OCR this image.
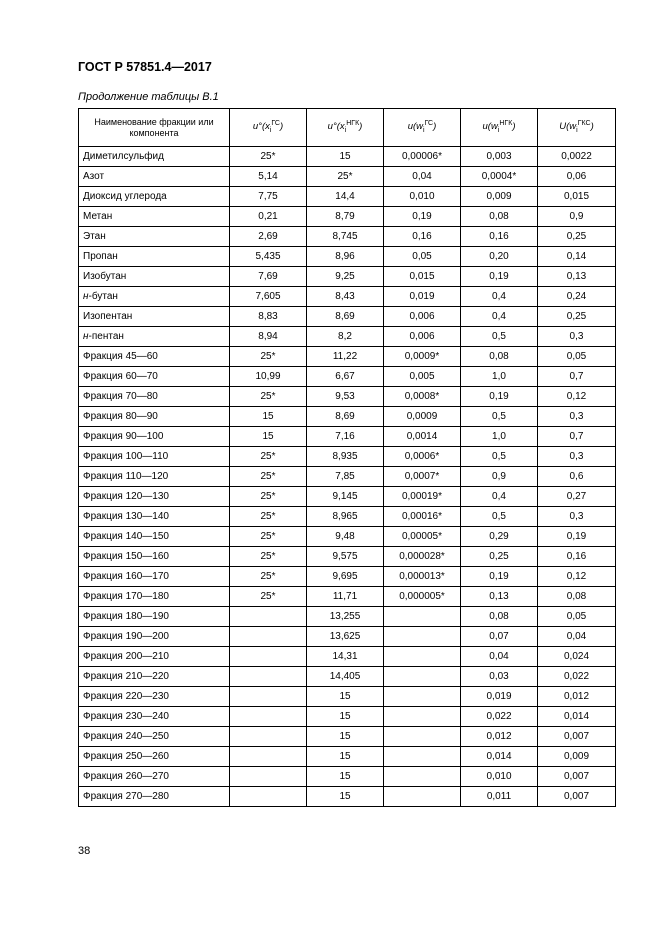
ГОСТ Р 57851.4—2017
Продолжение таблицы В.1
Наименование фракции или компонента	$u^\circ(x_i^{ГС})$	$u^\circ(x_i^{НГК})$	$u(w_i^{ГС})$	$u(w_i^{НГК})$	$U(w_i^{ГКС})$
Диметилсульфид	25*	15	0,00006*	0,003	0,0022
Азот	5,14	25*	0,04	0,0004*	0,06
Диоксид углерода	7,75	14,4	0,010	0,009	0,015
Метан	0,21	8,79	0,19	0,08	0,9
Этан	2,69	8,745	0,16	0,16	0,25
Пропан	5,435	8,96	0,05	0,20	0,14
Изобутан	7,69	9,25	0,015	0,19	0,13
н-бутан	7,605	8,43	0,019	0,4	0,24
Изопентан	8,83	8,69	0,006	0,4	0,25
н-пентан	8,94	8,2	0,006	0,5	0,3
Фракция 45—60	25*	11,22	0,0009*	0,08	0,05
Фракция 60—70	10,99	6,67	0,005	1,0	0,7
Фракция 70—80	25*	9,53	0,0008*	0,19	0,12
Фракция 80—90	15	8,69	0,0009	0,5	0,3
Фракция 90—100	15	7,16	0,0014	1,0	0,7
Фракция 100—110	25*	8,935	0,0006*	0,5	0,3
Фракция 110—120	25*	7,85	0,0007*	0,9	0,6
Фракция 120—130	25*	9,145	0,00019*	0,4	0,27
Фракция 130—140	25*	8,965	0,00016*	0,5	0,3
Фракция 140—150	25*	9,48	0,00005*	0,29	0,19
Фракция 150—160	25*	9,575	0,000028*	0,25	0,16
Фракция 160—170	25*	9,695	0,000013*	0,19	0,12
Фракция 170—180	25*	11,71	0,000005*	0,13	0,08
Фракция 180—190		13,255		0,08	0,05
Фракция 190—200		13,625		0,07	0,04
Фракция 200—210		14,31		0,04	0,024
Фракция 210—220		14,405		0,03	0,022
Фракция 220—230		15		0,019	0,012
Фракция 230—240		15		0,022	0,014
Фракция 240—250		15		0,012	0,007
Фракция 250—260		15		0,014	0,009
Фракция 260—270		15		0,010	0,007
Фракция 270—280		15		0,011	0,007
38
